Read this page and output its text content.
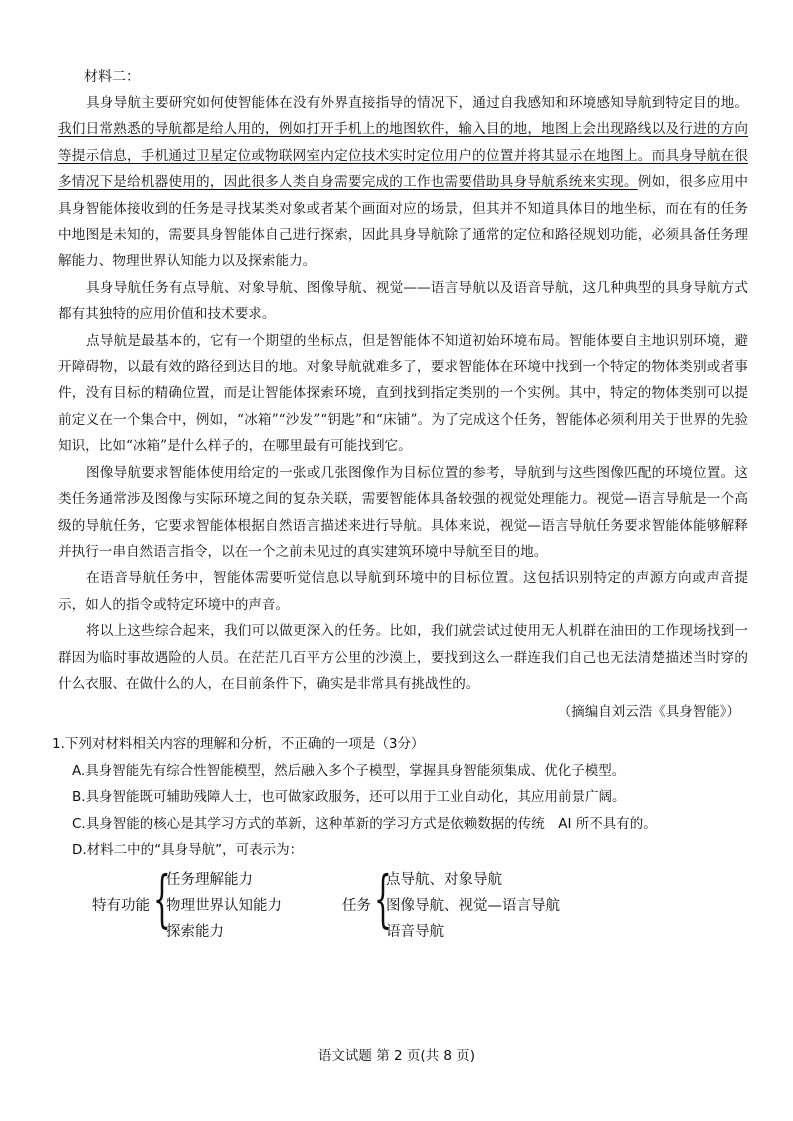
材料二：

具身导航主要研究如何使智能体在没有外界直接指导的情况下，通过自我感知和环境感知导航到特定目的地。我们日常熟悉的导航都是给人用的，例如打开手机上的地图软件，输入目的地，地图上会出现路线以及行进的方向等提示信息，手机通过卫星定位或物联网室内定位技术实时定位用户的位置并将其显示在地图上。而具身导航在很多情况下是给机器使用的，因此很多人类自身需要完成的工作也需要借助具身导航系统来实现。例如，很多应用中具身智能体接收到的任务是寻找某类对象或者某个画面对应的场景，但其并不知道具体目的地坐标，而在有的任务中地图是未知的，需要具身智能体自己进行探索，因此具身导航除了通常的定位和路径规划功能，必须具备任务理解能力、物理世界认知能力以及探索能力。

具身导航任务有点导航、对象导航、图像导航、视觉——语言导航以及语音导航，这几种典型的具身导航方式都有其独特的应用价值和技术要求。

点导航是最基本的，它有一个期望的坐标点，但是智能体不知道初始环境布局。智能体要自主地识别环境，避开障碍物，以最有效的路径到达目的地。对象导航就难多了，要求智能体在环境中找到一个特定的物体类别或者事件，没有目标的精确位置，而是让智能体探索环境，直到找到指定类别的一个实例。其中，特定的物体类别可以提前定义在一个集合中，例如，“冰箱”“沙发”“钥匙”和“床铺”。为了完成这个任务，智能体必须利用关于世界的先验知识，比如“冰箱”是什么样子的，在哪里最有可能找到它。

图像导航要求智能体使用给定的一张或几张图像作为目标位置的参考，导航到与这些图像匹配的环境位置。这类任务通常涉及图像与实际环境之间的复杂关联，需要智能体具备较强的视觉处理能力。视觉—语言导航是一个高级的导航任务，它要求智能体根据自然语言描述来进行导航。具体来说，视觉—语言导航任务要求智能体能够解释并执行一串自然语言指令，以在一个之前未见过的真实建筑环境中导航至目的地。

在语音导航任务中，智能体需要听觉信息以导航到环境中的目标位置。这包括识别特定的声源方向或声音提示，如人的指令或特定环境中的声音。

将以上这些综合起来，我们可以做更深入的任务。比如，我们就尝试过使用无人机群在油田的工作现场找到一群因为临时事故遇险的人员。在茫茫几百平方公里的沙漠上，要找到这么一群连我们自己也无法清楚描述当时穿的什么衣服、在做什么的人，在目前条件下，确实是非常具有挑战性的。

（摘编自刘云浩《具身智能》）
1.下列对材料相关内容的理解和分析，不正确的一项是（3分）
A.具身智能先有综合性智能模型，然后融入多个子模型，掌握具身智能须集成、优化子模型。
B.具身智能既可辅助残障人士，也可做家政服务，还可以用于工业自动化，其应用前景广阔。
C.具身智能的核心是其学习方式的革新，这种革新的学习方式是依赖数据的传统　AI 所不具有的。
D.材料二中的“具身导航”，可表示为：
特有功能 {
任务理解能力
物理世界认知能力
探索能力
任务 {
点导航、对象导航
图像导航、视觉—语言导航
语音导航
语文试题 第 2 页(共 8 页)
